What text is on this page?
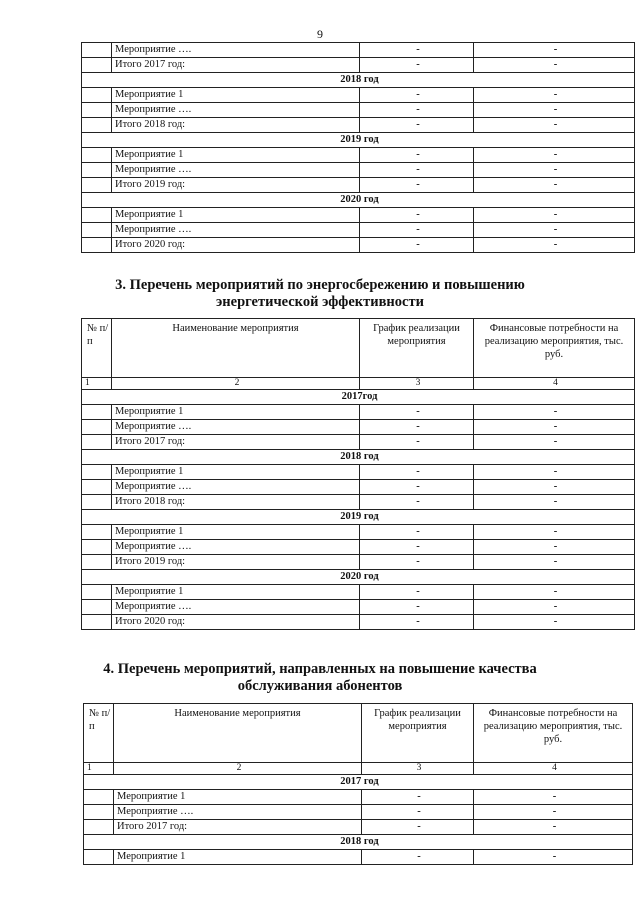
9
	Мероприятие ….	-	-
	Итого 2017 год:	-	-
2018 год			
	Мероприятие 1	-	-
	Мероприятие ….	-	-
	Итого 2018 год:	-	-
2019 год			
	Мероприятие 1	-	-
	Мероприятие ….	-	-
	Итого 2019 год:	-	-
2020 год			
	Мероприятие 1	-	-
	Мероприятие ….	-	-
	Итого 2020 год:	-	-
3. Перечень мероприятий по энергосбережению и повышению
энергетической эффективности
№ п/п	Наименование мероприятия	График реализации мероприятия	Финансовые потребности на реализацию мероприятия, тыс. руб.
1	2	3	4
2017год			
	Мероприятие 1	-	-
	Мероприятие ….	-	-
	Итого 2017 год:	-	-
2018 год			
	Мероприятие 1	-	-
	Мероприятие ….	-	-
	Итого 2018 год:	-	-
2019 год			
	Мероприятие 1	-	-
	Мероприятие ….	-	-
	Итого 2019 год:	-	-
2020 год			
	Мероприятие 1	-	-
	Мероприятие ….	-	-
	Итого 2020 год:	-	-
4. Перечень мероприятий, направленных на повышение качества
обслуживания абонентов
№ п/п	Наименование мероприятия	График реализации мероприятия	Финансовые потребности на реализацию мероприятия, тыс. руб.
1	2	3	4
2017 год			
	Мероприятие 1	-	-
	Мероприятие ….	-	-
	Итого 2017 год:	-	-
2018 год			
	Мероприятие 1	-	-
